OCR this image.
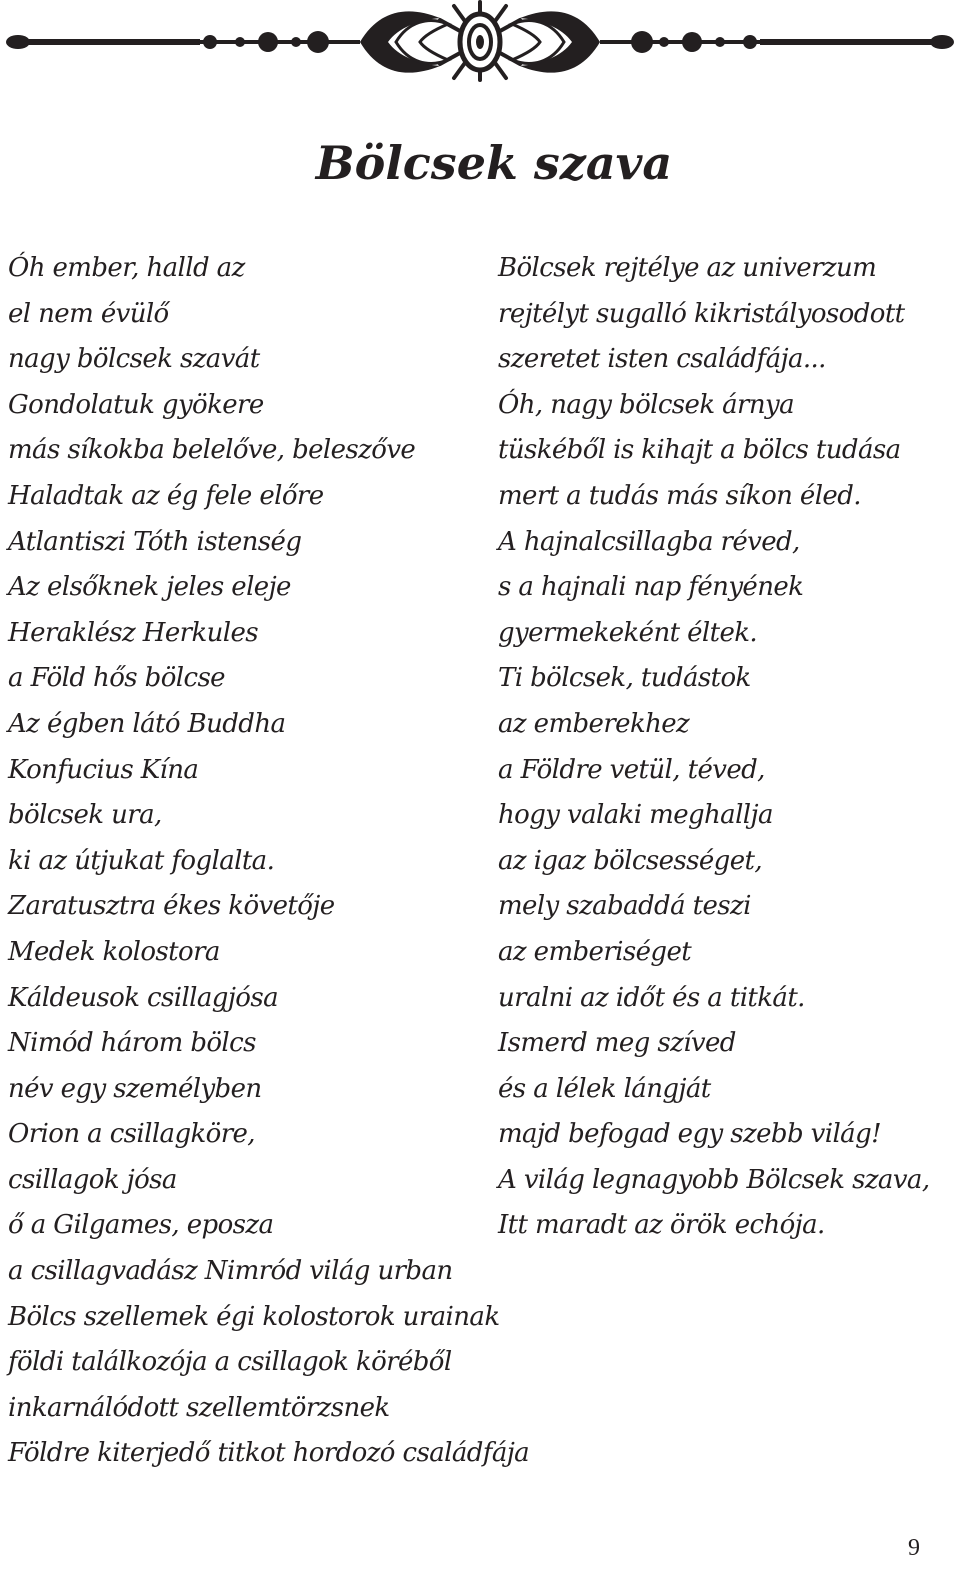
Bölcsek szava
Óh ember, halld az
el nem évülő
nagy bölcsek szavát
Gondolatuk gyökere
más síkokba belelőve, beleszőve
Haladtak az ég fele előre
Atlantiszi Tóth istenség
Az elsőknek jeles eleje
Heraklész Herkules
a Föld hős bölcse
Az égben látó Buddha
Konfucius Kína
bölcsek ura,
ki az útjukat foglalta.
Zaratusztra ékes követője
Medek kolostora
Káldeusok csillagjósa
Nimód három bölcs
név egy személyben
Orion a csillagköre,
csillagok jósa
ő a Gilgames, eposza
a csillagvadász Nimród világ urban
Bölcs szellemek égi kolostorok urainak
földi találkozója a csillagok köréből
inkarnálódott szellemtörzsnek
Földre kiterjedő titkot hordozó családfája
Bölcsek rejtélye az univerzum
rejtélyt sugalló kikristályosodott
szeretet isten családfája...
Óh, nagy bölcsek árnya
tüskéből is kihajt a bölcs tudása
mert a tudás más síkon éled.
A hajnalcsillagba réved,
s a hajnali nap fényének
gyermekeként éltek.
Ti bölcsek, tudástok
az emberekhez
a Földre vetül, téved,
hogy valaki meghallja
az igaz bölcsességet,
mely szabaddá teszi
az emberiséget
uralni az időt és a titkát.
Ismerd meg szíved
és a lélek lángját
majd befogad egy szebb világ!
A világ legnagyobb Bölcsek szava,
Itt maradt az örök echója.
9
